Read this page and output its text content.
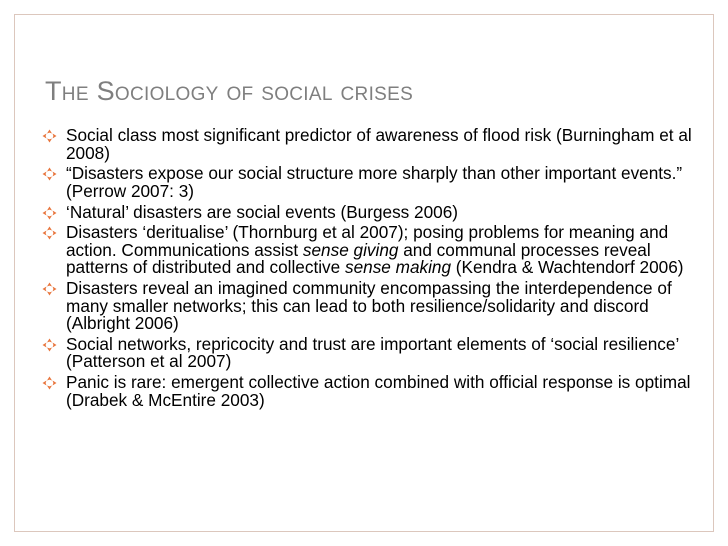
The Sociology of social crises
Social class most significant predictor of awareness of flood risk (Burningham et al 2008)
“Disasters expose our social structure more sharply than other important events.” (Perrow 2007: 3)
‘Natural’ disasters are social events (Burgess 2006)
Disasters ‘deritualise’ (Thornburg et al 2007); posing problems for meaning and action. Communications assist sense giving and communal processes reveal patterns of distributed and collective sense making (Kendra & Wachtendorf 2006)
Disasters reveal an imagined community encompassing the interdependence of many smaller networks; this can lead to both resilience/solidarity and discord (Albright 2006)
Social networks, repricocity and trust are important elements of ‘social resilience’ (Patterson et al 2007)
Panic is rare: emergent collective action combined with official response is optimal (Drabek & McEntire 2003)
